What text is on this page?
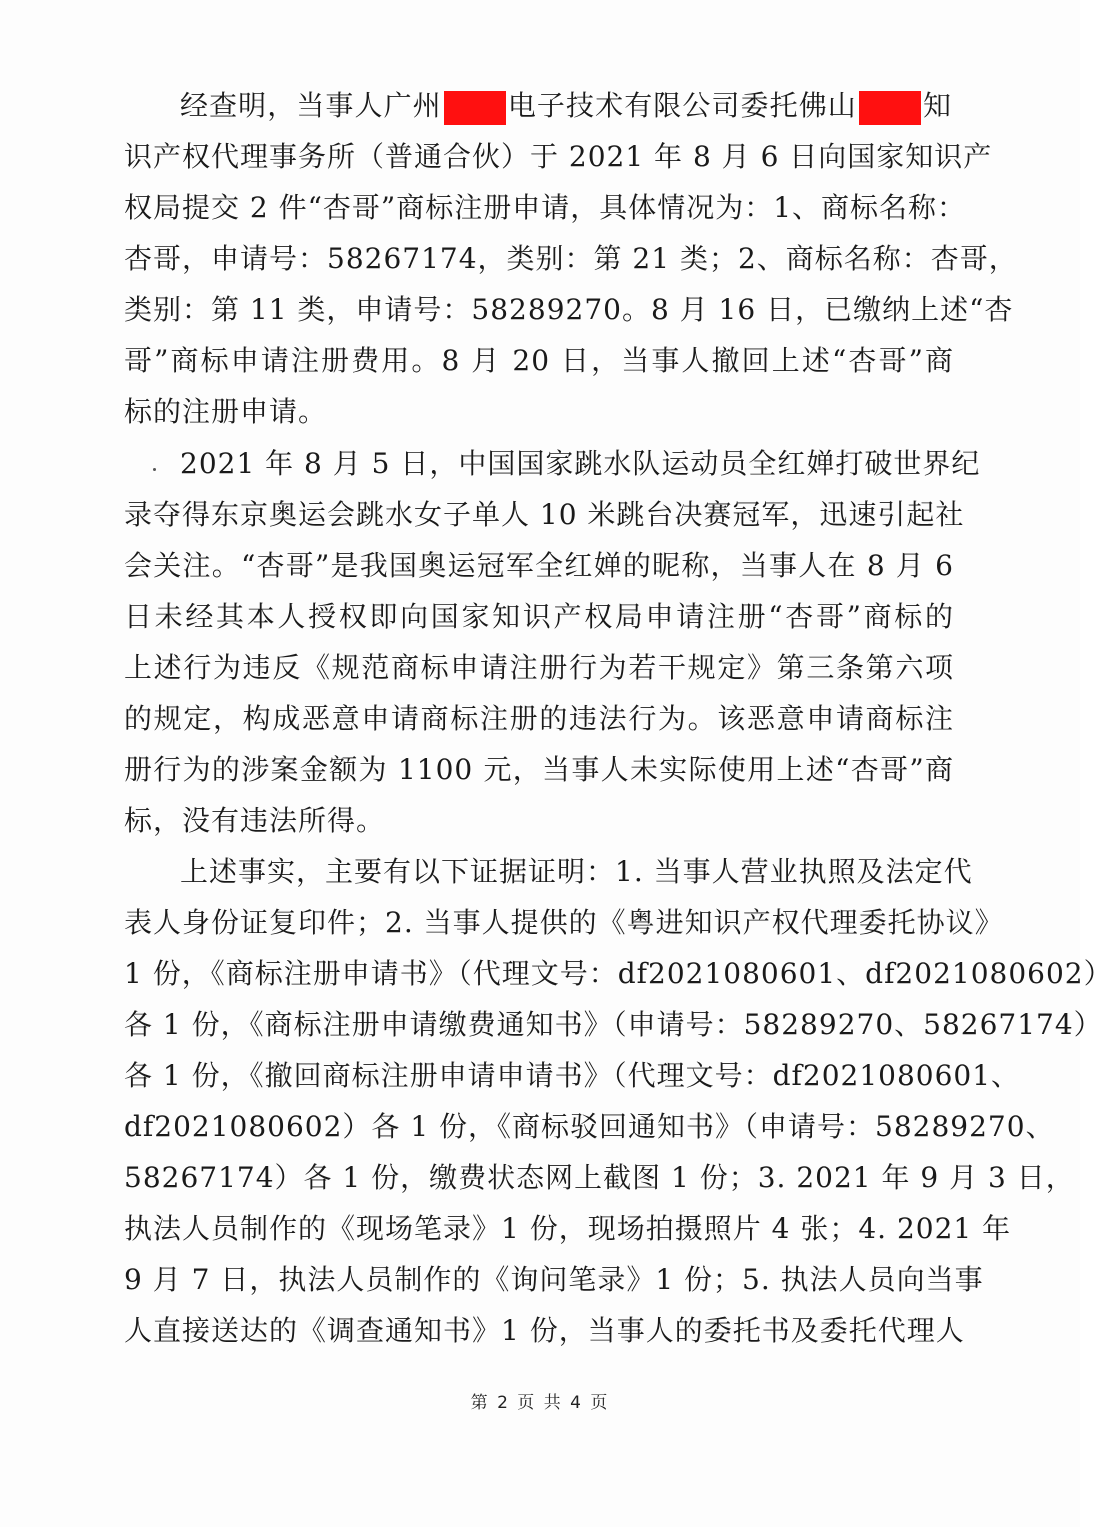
经查明，当事人广州 电子技术有限公司委托佛山 知
识产权代理事务所（普通合伙）于 2021 年 8 月 6 日向国家知识产
权局提交 2 件“杏哥”商标注册申请，具体情况为：1、商标名称：
杏哥，申请号：58267174，类别：第 21 类；2、商标名称：杏哥，
类别：第 11 类，申请号：58289270。8 月 16 日，已缴纳上述“杏
哥”商标申请注册费用。8 月 20 日，当事人撤回上述“杏哥”商
标的注册申请。
2021 年 8 月 5 日，中国国家跳水队运动员全红婵打破世界纪
录夺得东京奥运会跳水女子单人 10 米跳台决赛冠军，迅速引起社
会关注。“杏哥”是我国奥运冠军全红婵的昵称，当事人在 8 月 6
日未经其本人授权即向国家知识产权局申请注册“杏哥”商标的
上述行为违反《规范商标申请注册行为若干规定》第三条第六项
的规定，构成恶意申请商标注册的违法行为。该恶意申请商标注
册行为的涉案金额为 1100 元，当事人未实际使用上述“杏哥”商
标，没有违法所得。
上述事实，主要有以下证据证明：1. 当事人营业执照及法定代
表人身份证复印件；2. 当事人提供的《粤进知识产权代理委托协议》
1 份，《商标注册申请书》（代理文号：df2021080601、df2021080602）
各 1 份，《商标注册申请缴费通知书》（申请号：58289270、58267174）
各 1 份，《撤回商标注册申请申请书》（代理文号：df2021080601、
df2021080602）各 1 份，《商标驳回通知书》（申请号：58289270、
58267174）各 1 份，缴费状态网上截图 1 份；3. 2021 年 9 月 3 日，
执法人员制作的《现场笔录》1 份，现场拍摄照片 4 张；4. 2021 年
9 月 7 日，执法人员制作的《询问笔录》1 份；5. 执法人员向当事
人直接送达的《调查通知书》1 份，当事人的委托书及委托代理人
第 2 页 共 4 页
